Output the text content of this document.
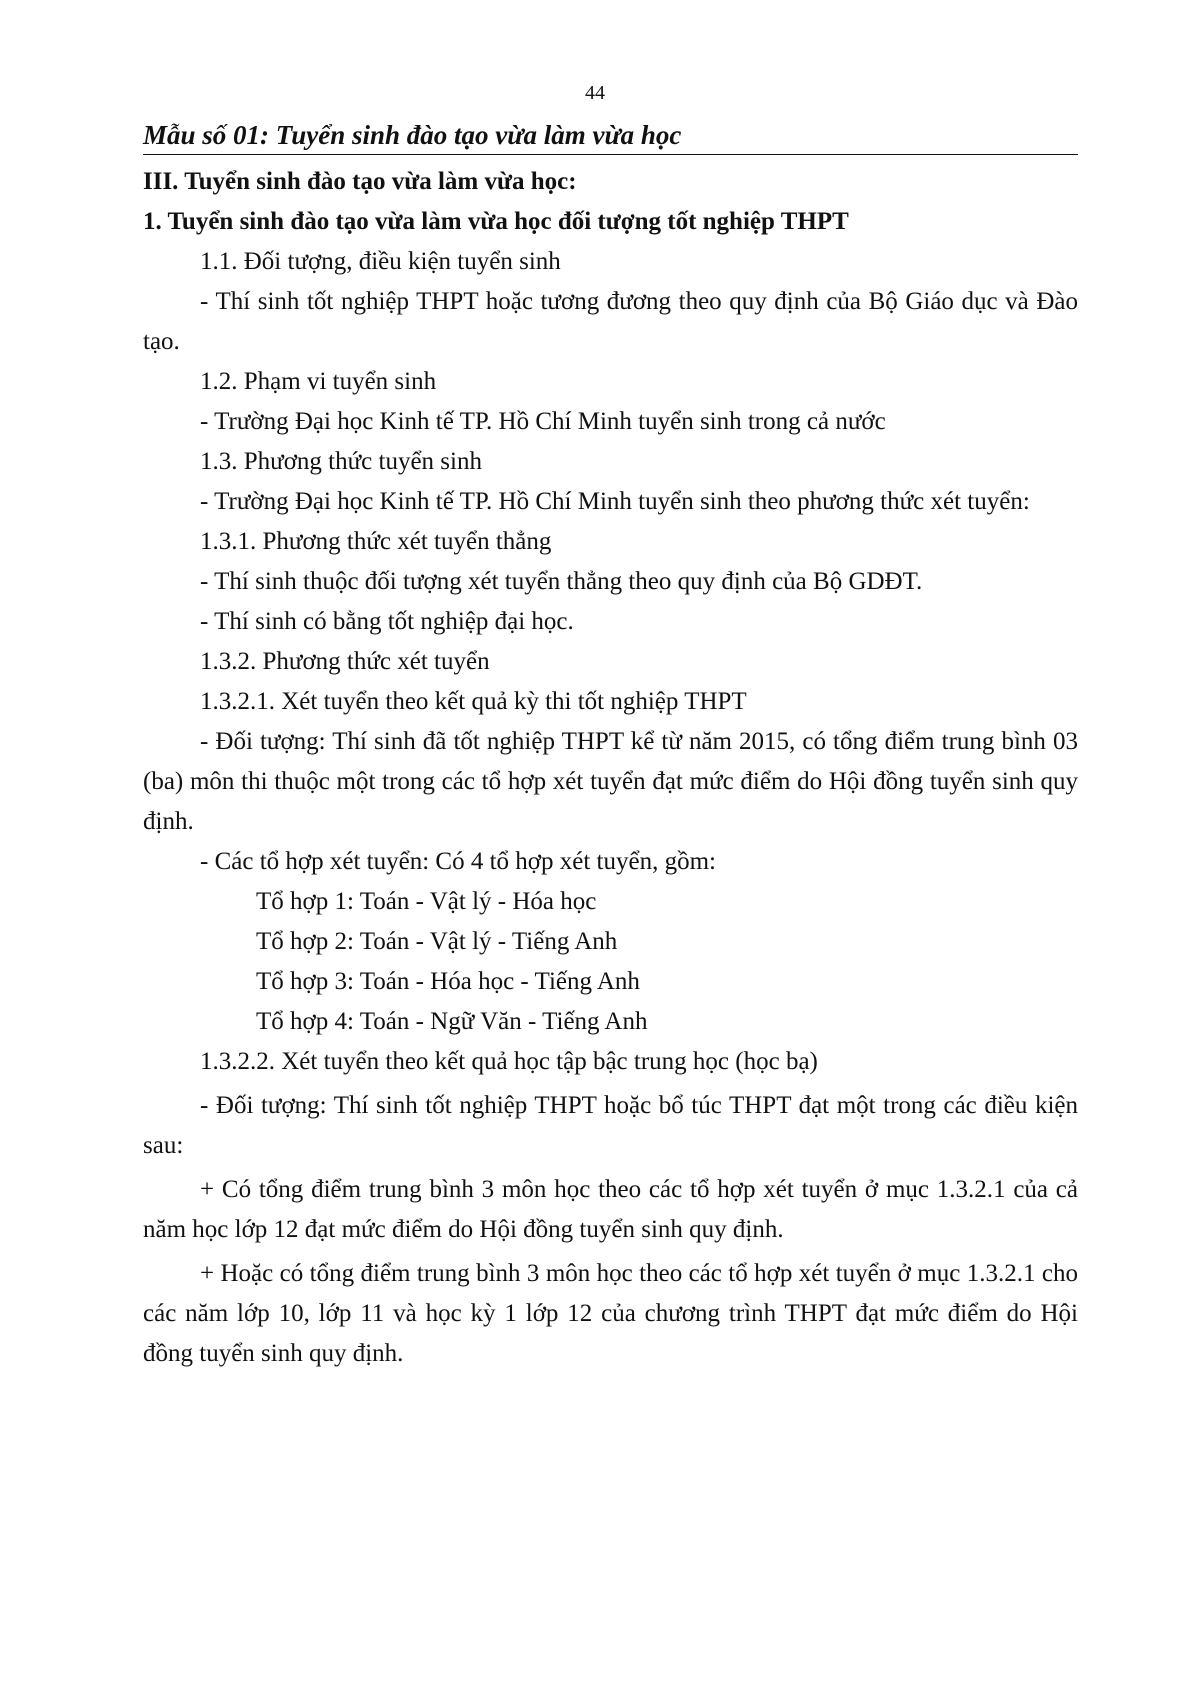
44
Mẫu số 01: Tuyển sinh đào tạo vừa làm vừa học
III. Tuyển sinh đào tạo vừa làm vừa học:
1. Tuyển sinh đào tạo vừa làm vừa học đối tượng tốt nghiệp THPT
1.1. Đối tượng, điều kiện tuyển sinh
- Thí sinh tốt nghiệp THPT hoặc tương đương theo quy định của Bộ Giáo dục và Đào tạo.
1.2. Phạm vi tuyển sinh
- Trường Đại học Kinh tế TP. Hồ Chí Minh tuyển sinh trong cả nước
1.3. Phương thức tuyển sinh
- Trường Đại học Kinh tế TP. Hồ Chí Minh tuyển sinh theo phương thức xét tuyển:
1.3.1. Phương thức xét tuyển thẳng
- Thí sinh thuộc đối tượng xét tuyển thẳng theo quy định của Bộ GDĐT.
- Thí sinh có bằng tốt nghiệp đại học.
1.3.2. Phương thức xét tuyển
1.3.2.1. Xét tuyển theo kết quả kỳ thi tốt nghiệp THPT
- Đối tượng: Thí sinh đã tốt nghiệp THPT kể từ năm 2015, có tổng điểm trung bình 03 (ba) môn thi thuộc một trong các tổ hợp xét tuyển đạt mức điểm do Hội đồng tuyển sinh quy định.
- Các tổ hợp xét tuyển: Có 4 tổ hợp xét tuyển, gồm:
Tổ hợp 1: Toán - Vật lý - Hóa học
Tổ hợp 2: Toán - Vật lý - Tiếng Anh
Tổ hợp 3: Toán - Hóa học - Tiếng Anh
Tổ hợp 4: Toán - Ngữ Văn - Tiếng Anh
1.3.2.2. Xét tuyển theo kết quả học tập bậc trung học (học bạ)
- Đối tượng: Thí sinh tốt nghiệp THPT hoặc bổ túc THPT đạt một trong các điều kiện sau:
+ Có tổng điểm trung bình 3 môn học theo các tổ hợp xét tuyển ở mục 1.3.2.1 của cả năm học lớp 12 đạt mức điểm do Hội đồng tuyển sinh quy định.
+ Hoặc có tổng điểm trung bình 3 môn học theo các tổ hợp xét tuyển ở mục 1.3.2.1 cho các năm lớp 10, lớp 11 và học kỳ 1 lớp 12 của chương trình THPT đạt mức điểm do Hội đồng tuyển sinh quy định.
